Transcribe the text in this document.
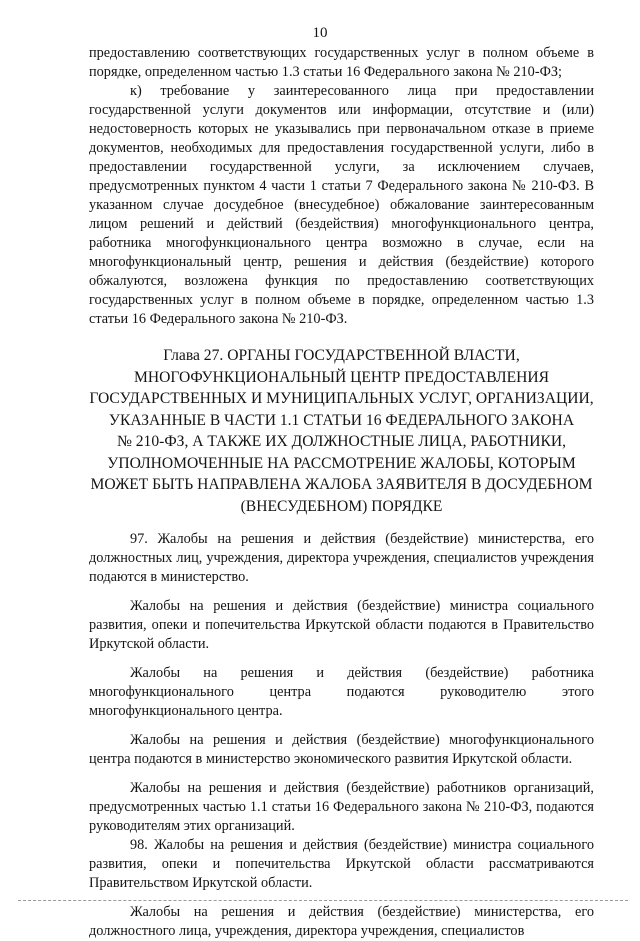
10

предоставлению соответствующих государственных услуг в полном объеме в порядке, определенном частью 1.3 статьи 16 Федерального закона № 210-ФЗ;

к) требование у заинтересованного лица при предоставлении государственной услуги документов или информации, отсутствие и (или) недостоверность которых не указывались при первоначальном отказе в приеме документов, необходимых для предоставления государственной услуги, либо в предоставлении государственной услуги, за исключением случаев, предусмотренных пунктом 4 части 1 статьи 7 Федерального закона № 210-ФЗ. В указанном случае досудебное (внесудебное) обжалование заинтересованным лицом решений и действий (бездействия) многофункционального центра, работника многофункционального центра возможно в случае, если на многофункциональный центр, решения и действия (бездействие) которого обжалуются, возложена функция по предоставлению соответствующих государственных услуг в полном объеме в порядке, определенном частью 1.3 статьи 16 Федерального закона № 210-ФЗ.

Глава 27. ОРГАНЫ ГОСУДАРСТВЕННОЙ ВЛАСТИ,
МНОГОФУНКЦИОНАЛЬНЫЙ ЦЕНТР ПРЕДОСТАВЛЕНИЯ
ГОСУДАРСТВЕННЫХ И МУНИЦИПАЛЬНЫХ УСЛУГ, ОРГАНИЗАЦИИ,
УКАЗАННЫЕ В ЧАСТИ 1.1 СТАТЬИ 16 ФЕДЕРАЛЬНОГО ЗАКОНА
№ 210-ФЗ, А ТАКЖЕ ИХ ДОЛЖНОСТНЫЕ ЛИЦА, РАБОТНИКИ,
УПОЛНОМОЧЕННЫЕ НА РАССМОТРЕНИЕ ЖАЛОБЫ, КОТОРЫМ
МОЖЕТ БЫТЬ НАПРАВЛЕНА ЖАЛОБА ЗАЯВИТЕЛЯ В ДОСУДЕБНОМ
(ВНЕСУДЕБНОМ) ПОРЯДКЕ

97. Жалобы на решения и действия (бездействие) министерства, его должностных лиц, учреждения, директора учреждения, специалистов учреждения подаются в министерство.

Жалобы на решения и действия (бездействие) министра социального развития, опеки и попечительства Иркутской области подаются в Правительство Иркутской области.

Жалобы на решения и действия (бездействие) работника многофункционального центра подаются руководителю этого многофункционального центра.

Жалобы на решения и действия (бездействие) многофункционального центра подаются в министерство экономического развития Иркутской области.

Жалобы на решения и действия (бездействие) работников организаций, предусмотренных частью 1.1 статьи 16 Федерального закона № 210-ФЗ, подаются руководителям этих организаций.

98. Жалобы на решения и действия (бездействие) министра социального развития, опеки и попечительства Иркутской области рассматриваются Правительством Иркутской области.

Жалобы на решения и действия (бездействие) министерства, его должностного лица, учреждения, директора учреждения, специалистов
